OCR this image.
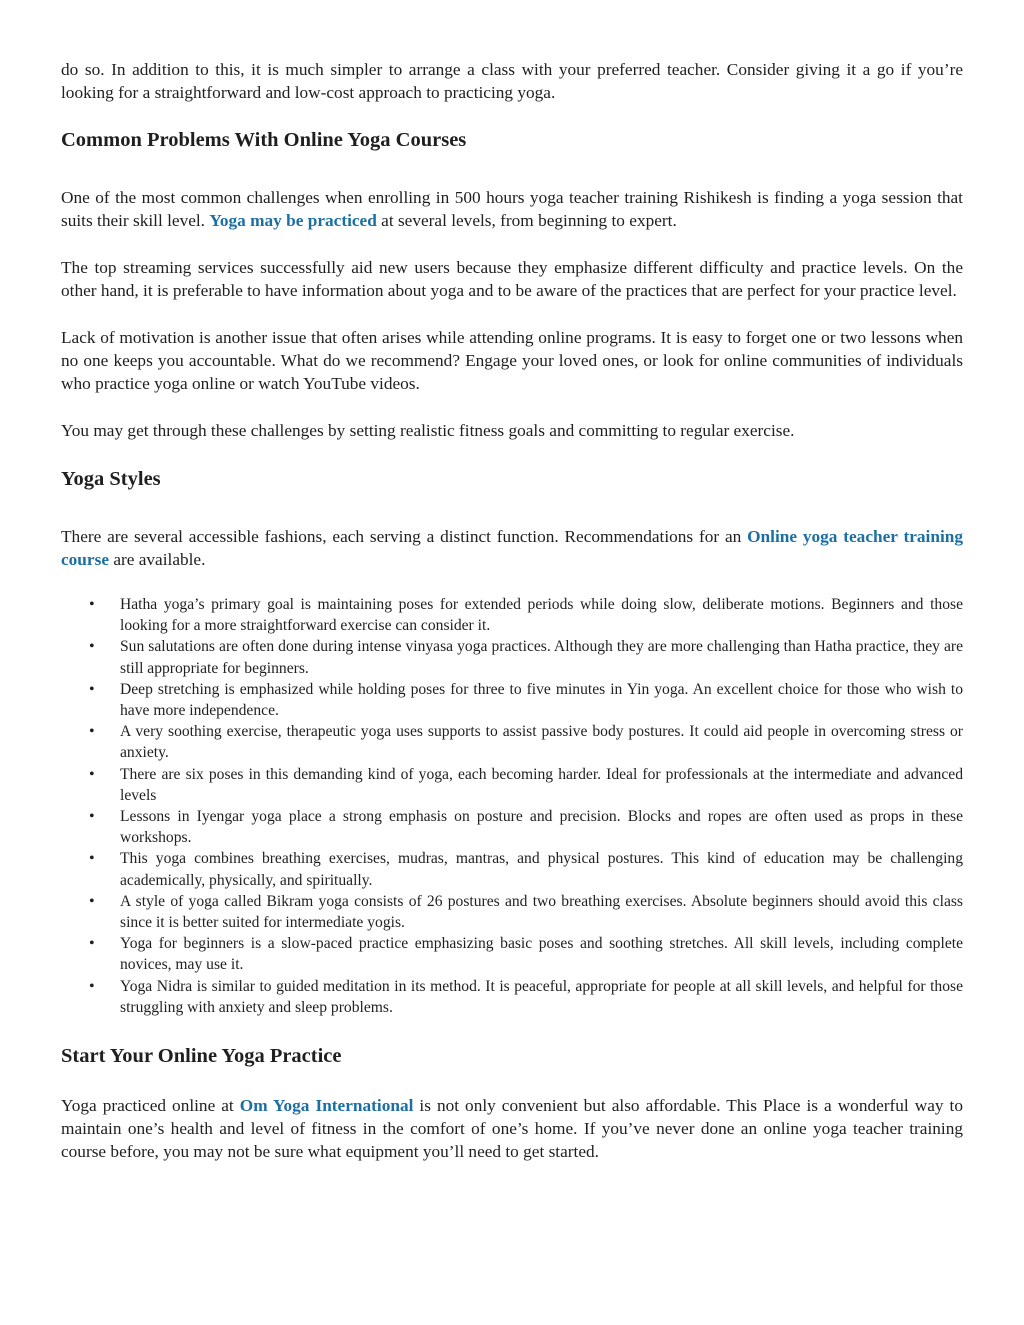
do so. In addition to this, it is much simpler to arrange a class with your preferred teacher. Consider giving it a go if you’re looking for a straightforward and low-cost approach to practicing yoga.

Common Problems With Online Yoga Courses

One of the most common challenges when enrolling in 500 hours yoga teacher training Rishikesh is finding a yoga session that suits their skill level. Yoga may be practiced at several levels, from beginning to expert.

The top streaming services successfully aid new users because they emphasize different difficulty and practice levels. On the other hand, it is preferable to have information about yoga and to be aware of the practices that are perfect for your practice level.

Lack of motivation is another issue that often arises while attending online programs. It is easy to forget one or two lessons when no one keeps you accountable. What do we recommend? Engage your loved ones, or look for online communities of individuals who practice yoga online or watch YouTube videos.

You may get through these challenges by setting realistic fitness goals and committing to regular exercise.

Yoga Styles

There are several accessible fashions, each serving a distinct function. Recommendations for an Online yoga teacher training course are available.

• Hatha yoga’s primary goal is maintaining poses for extended periods while doing slow, deliberate motions. Beginners and those looking for a more straightforward exercise can consider it.
• Sun salutations are often done during intense vinyasa yoga practices. Although they are more challenging than Hatha practice, they are still appropriate for beginners.
• Deep stretching is emphasized while holding poses for three to five minutes in Yin yoga. An excellent choice for those who wish to have more independence.
• A very soothing exercise, therapeutic yoga uses supports to assist passive body postures. It could aid people in overcoming stress or anxiety.
• There are six poses in this demanding kind of yoga, each becoming harder. Ideal for professionals at the intermediate and advanced levels
• Lessons in Iyengar yoga place a strong emphasis on posture and precision. Blocks and ropes are often used as props in these workshops.
• This yoga combines breathing exercises, mudras, mantras, and physical postures. This kind of education may be challenging academically, physically, and spiritually.
• A style of yoga called Bikram yoga consists of 26 postures and two breathing exercises. Absolute beginners should avoid this class since it is better suited for intermediate yogis.
• Yoga for beginners is a slow-paced practice emphasizing basic poses and soothing stretches. All skill levels, including complete novices, may use it.
• Yoga Nidra is similar to guided meditation in its method. It is peaceful, appropriate for people at all skill levels, and helpful for those struggling with anxiety and sleep problems.
Start Your Online Yoga Practice

Yoga practiced online at Om Yoga International is not only convenient but also affordable. This Place is a wonderful way to maintain one’s health and level of fitness in the comfort of one’s home. If you’ve never done an online yoga teacher training course before, you may not be sure what equipment you’ll need to get started.
